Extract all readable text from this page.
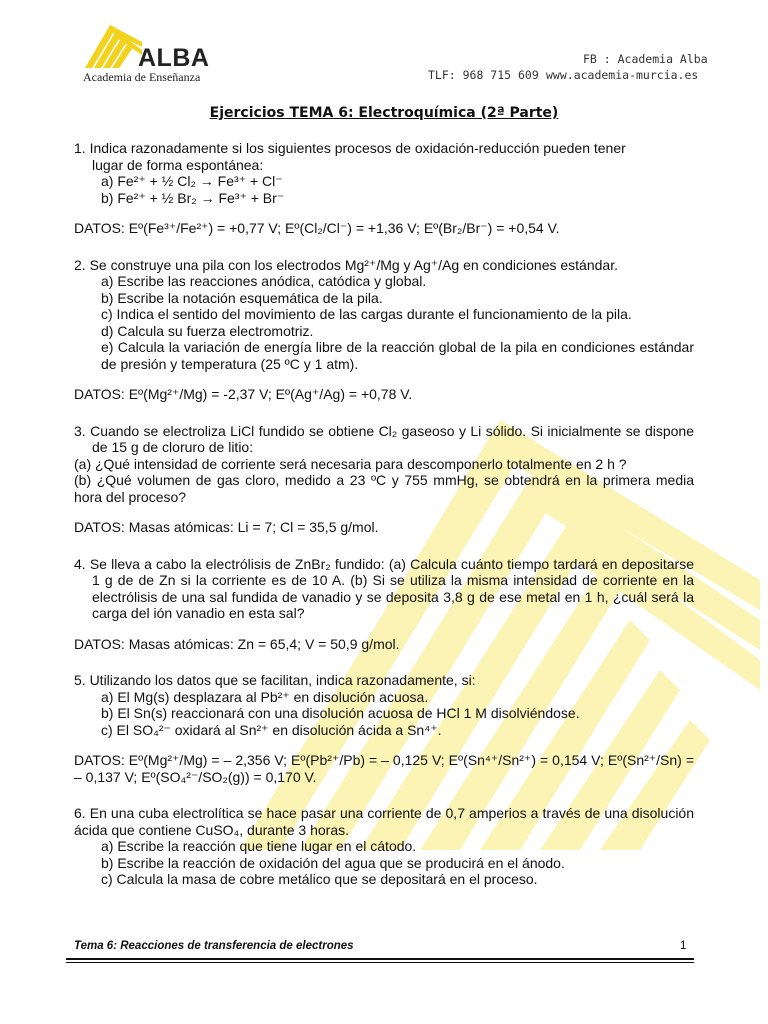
ALBA
Academia de Enseñanza
FB : Academia Alba
TLF: 968 715 609 www.academia-murcia.es
Ejercicios TEMA 6: Electroquímica (2ª Parte)
1. Indica razonadamente si los siguientes procesos de oxidación-reducción pueden tener
lugar de forma espontánea:
a) Fe²⁺ + ½ Cl₂ → Fe³⁺ + Cl⁻
b) Fe²⁺ + ½ Br₂ → Fe³⁺ + Br⁻
DATOS: Eº(Fe³⁺/Fe²⁺) = +0,77 V; Eº(Cl₂/Cl⁻) = +1,36 V; Eº(Br₂/Br⁻) = +0,54 V.
2. Se construye una pila con los electrodos Mg²⁺/Mg y Ag⁺/Ag en condiciones estándar.
a) Escribe las reacciones anódica, catódica y global.
b) Escribe la notación esquemática de la pila.
c) Indica el sentido del movimiento de las cargas durante el funcionamiento de la pila.
d) Calcula su fuerza electromotriz.
e) Calcula la variación de energía libre de la reacción global de la pila en condiciones estándar de presión y temperatura (25 ºC y 1 atm).
DATOS: Eº(Mg²⁺/Mg) = -2,37 V; Eº(Ag⁺/Ag) = +0,78 V.
3. Cuando se electroliza LiCl fundido se obtiene Cl₂ gaseoso y Li sólido. Si inicialmente se dispone de 15 g de cloruro de litio:
(a) ¿Qué intensidad de corriente será necesaria para descomponerlo totalmente en 2 h ?
(b) ¿Qué volumen de gas cloro, medido a 23 ºC y 755 mmHg, se obtendrá en la primera media hora del proceso?
DATOS: Masas atómicas: Li = 7; Cl = 35,5 g/mol.
4. Se lleva a cabo la electrólisis de ZnBr₂ fundido: (a) Calcula cuánto tiempo tardará en depositarse 1 g de de Zn si la corriente es de 10 A. (b) Si se utiliza la misma intensidad de corriente en la electrólisis de una sal fundida de vanadio y se deposita 3,8 g de ese metal en 1 h, ¿cuál será la carga del ión vanadio en esta sal?
DATOS: Masas atómicas: Zn = 65,4; V = 50,9 g/mol.
5. Utilizando los datos que se facilitan, indica razonadamente, si:
a) El Mg(s) desplazara al Pb²⁺ en disolución acuosa.
b) El Sn(s) reaccionará con una disolución acuosa de HCl 1 M disolviéndose.
c) El SO₄²⁻ oxidará al Sn²⁺ en disolución ácida a Sn⁴⁺.
DATOS: Eº(Mg²⁺/Mg) = – 2,356 V; Eº(Pb²⁺/Pb) = – 0,125 V; Eº(Sn⁴⁺/Sn²⁺) = 0,154 V; Eº(Sn²⁺/Sn) = – 0,137 V; Eº(SO₄²⁻/SO₂(g)) = 0,170 V.
6. En una cuba electrolítica se hace pasar una corriente de 0,7 amperios a través de una disolución ácida que contiene CuSO₄, durante 3 horas.
a) Escribe la reacción que tiene lugar en el cátodo.
b) Escribe la reacción de oxidación del agua que se producirá en el ánodo.
c) Calcula la masa de cobre metálico que se depositará en el proceso.
Tema 6: Reacciones de transferencia de electrones	1
